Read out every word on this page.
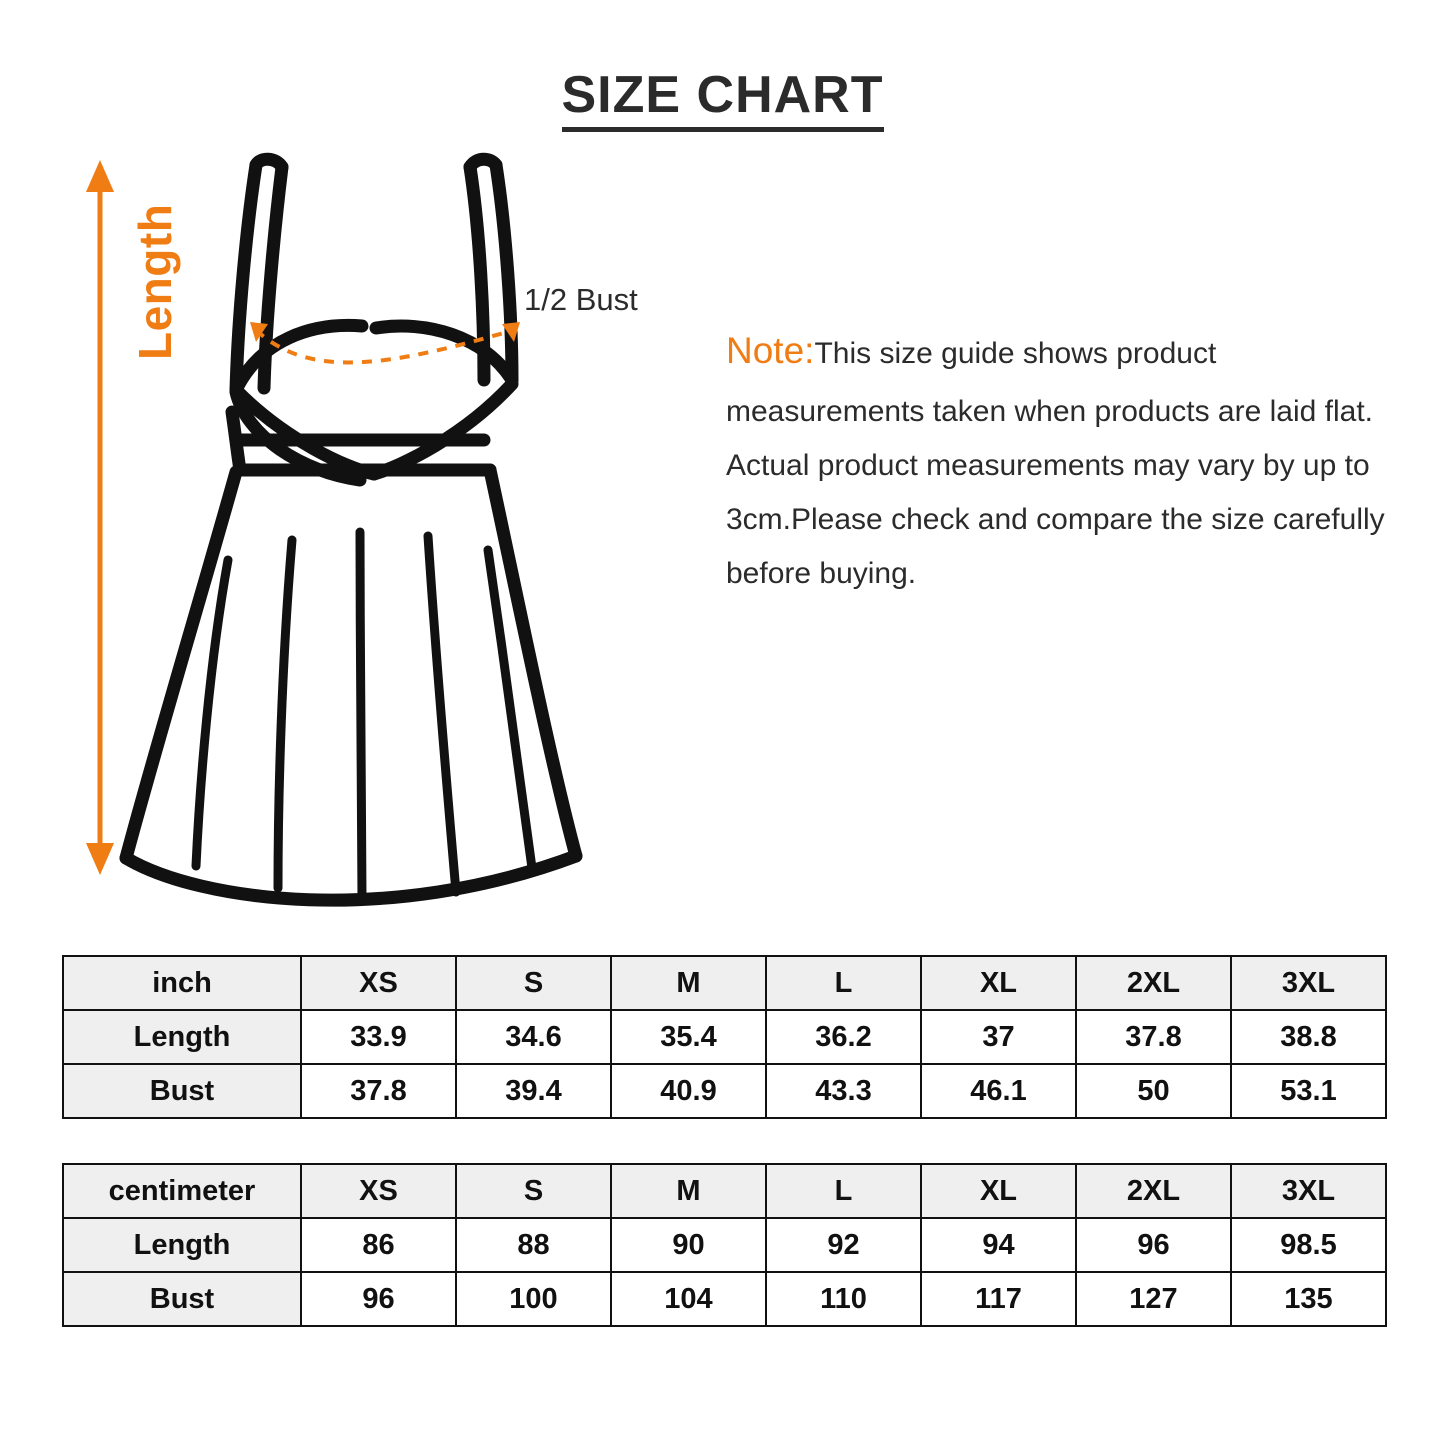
SIZE CHART
Length	1/2 Bust
Note:This size guide shows product measurements taken when products are laid flat. Actual product measurements may vary by up to 3cm.Please check and compare the size carefully before buying.
inch	XS	S	M	L	XL	2XL	3XL
Length	33.9	34.6	35.4	36.2	37	37.8	38.8
Bust	37.8	39.4	40.9	43.3	46.1	50	53.1
centimeter	XS	S	M	L	XL	2XL	3XL
Length	86	88	90	92	94	96	98.5
Bust	96	100	104	110	117	127	135
